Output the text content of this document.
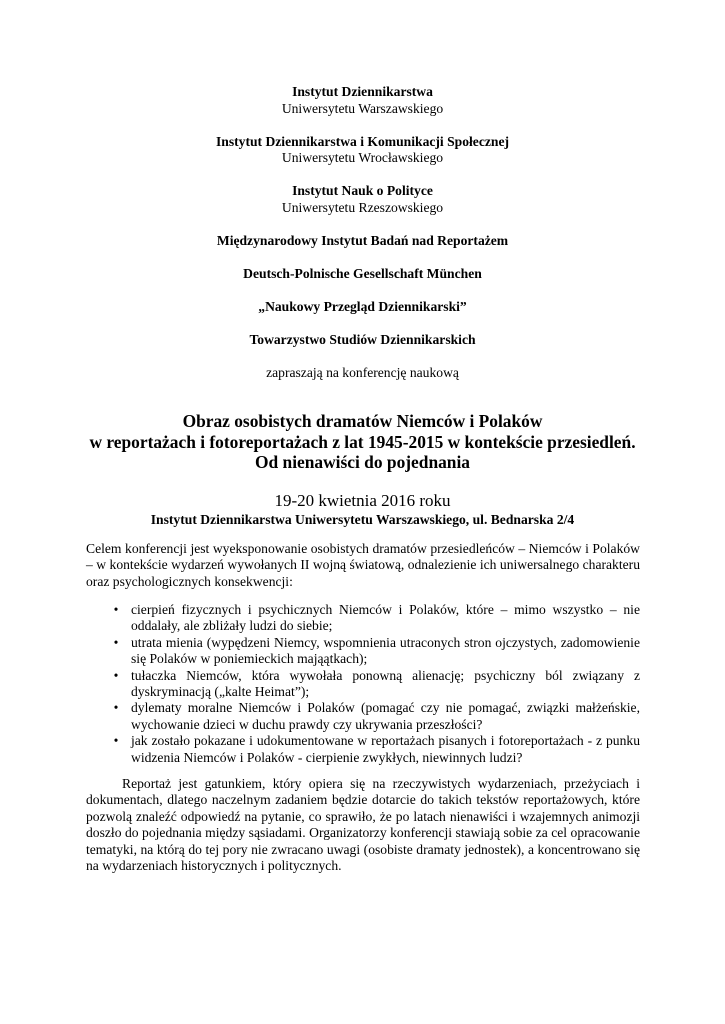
Instytut Dziennikarstwa
Uniwersytetu Warszawskiego
Instytut Dziennikarstwa i Komunikacji Społecznej
Uniwersytetu Wrocławskiego
Instytut Nauk o Polityce
Uniwersytetu Rzeszowskiego
Międzynarodowy Instytut Badań nad Reportażem
Deutsch-Polnische Gesellschaft München
„Naukowy Przegląd Dziennikarski”
Towarzystwo Studiów Dziennikarskich
zapraszają na konferencję naukową
Obraz osobistych dramatów Niemców i Polaków
w reportażach i fotoreportażach z lat 1945-2015 w kontekście przesiedleń.
Od nienawiści do pojednania
19-20 kwietnia 2016 roku
Instytut Dziennikarstwa Uniwersytetu Warszawskiego, ul. Bednarska 2/4

Celem konferencji jest wyeksponowanie osobistych dramatów przesiedleńców – Niemców i Polaków – w kontekście wydarzeń wywołanych II wojną światową, odnalezienie ich uniwersalnego charakteru oraz psychologicznych konsekwencji:

• cierpień fizycznych i psychicznych Niemców i Polaków, które – mimo wszystko – nie oddalały, ale zbliżały ludzi do siebie;
• utrata mienia (wypędzeni Niemcy, wspomnienia utraconych stron ojczystych, zadomowienie się Polaków w poniemieckich mająątkach);
• tułaczka Niemców, która wywołała ponowną alienację; psychiczny ból związany z dyskryminacją („kalte Heimat”);
• dylematy moralne Niemców i Polaków (pomagać czy nie pomagać, związki małżeńskie, wychowanie dzieci w duchu prawdy czy ukrywania przeszłości?
• jak zostało pokazane i udokumentowane w reportażach pisanych i fotoreportażach - z punku widzenia Niemców i Polaków - cierpienie zwykłych, niewinnych ludzi?

Reportaż jest gatunkiem, który opiera się na rzeczywistych wydarzeniach, przeżyciach i dokumentach, dlatego naczelnym zadaniem będzie dotarcie do takich tekstów reportażowych, które pozwolą znaleźć odpowiedź na pytanie, co sprawiło, że po latach nienawiści i wzajemnych animozji doszło do pojednania między sąsiadami. Organizatorzy konferencji stawiają sobie za cel opracowanie tematyki, na którą do tej pory nie zwracano uwagi (osobiste dramaty jednostek), a koncentrowano się na wydarzeniach historycznych i politycznych.
